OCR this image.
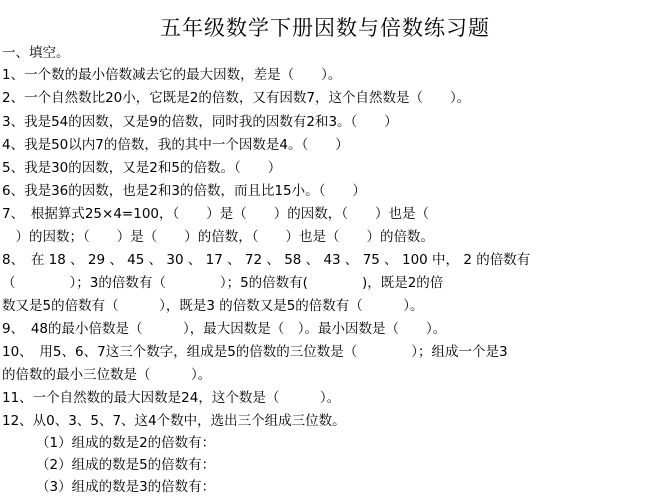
五年级数学下册因数与倍数练习题
一、填空。
1、一个数的最小倍数减去它的最大因数，差是（　　）。
2、一个自然数比20小，它既是2的倍数，又有因数7，这个自然数是（　　）。
3、我是54的因数，又是9的倍数，同时我的因数有2和3。（　　）
4、我是50以内7的倍数，我的其中一个因数是4。（　　）
5、我是30的因数，又是2和5的倍数。（　　）
6、我是36的因数，也是2和3的倍数，而且比15小。（　　）
7、　根据算式25×4=100，（　　）是（　　）的因数，（　　）也是（
　）的因数；（　　）是（　　）的倍数，（　　）也是（　　）的倍数。
8、　在 18 、 29 、 45 、 30 、 17 、 72 、 58 、 43 、 75 、 100 中， 2 的倍数有
（　　　　）；3的倍数有（　　　　）；5的倍数有(　　　　)，既是2的倍
数又是5的倍数有（　　　），既是3 的倍数又是5的倍数有（　　　）。
9、　48的最小倍数是（　　　），最大因数是（　）。最小因数是（　　）。
10、　用5、6、7这三个数字，组成是5的倍数的三位数是（　　　　）；组成一个是3
的倍数的最小三位数是（　　　）。
11、一个自然数的最大因数是24，这个数是（　　　）。
12、从0、3、5、7、这4个数中，选出三个组成三位数。
（1）组成的数是2的倍数有：
（2）组成的数是5的倍数有：
（3）组成的数是3的倍数有：
